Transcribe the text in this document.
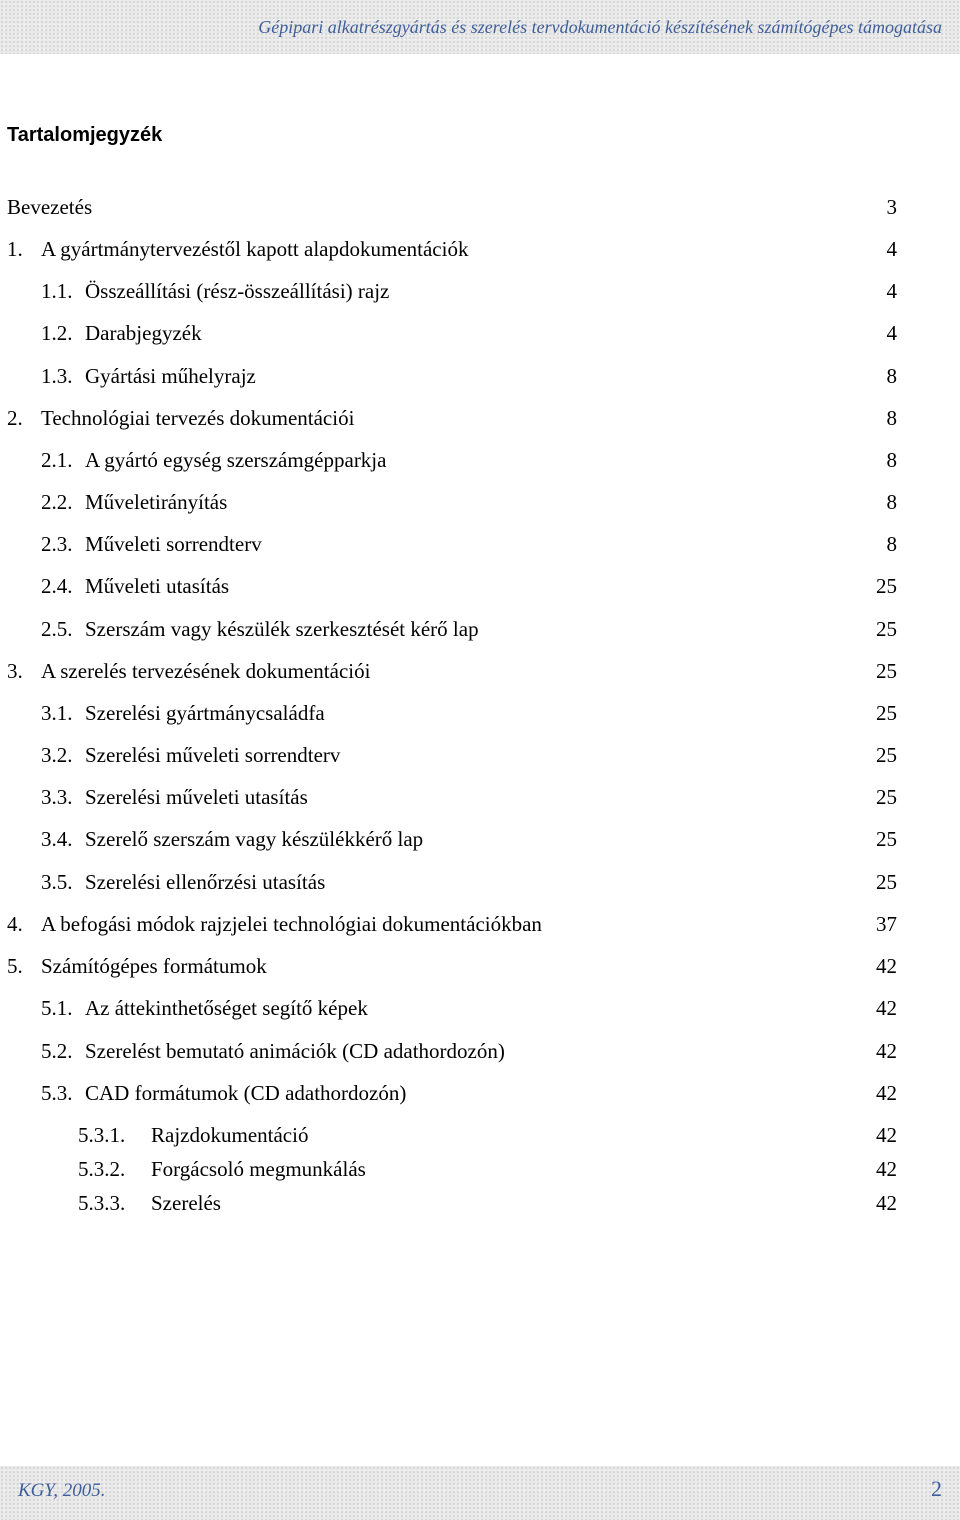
Gépipari alkatrészgyártás és szerelés tervdokumentáció készítésének számítógépes támogatása
Tartalomjegyzék
Bevezetés	3
1. A gyártmánytervezéstől kapott alapdokumentációk	4
1.1. Összeállítási (rész-összeállítási) rajz	4
1.2. Darabjegyzék	4
1.3. Gyártási műhelyrajz	8
2. Technológiai tervezés dokumentációi	8
2.1. A gyártó egység szerszámgépparkja	8
2.2. Műveletirányítás	8
2.3. Műveleti sorrendterv	8
2.4. Műveleti utasítás	25
2.5. Szerszám vagy készülék szerkesztését kérő lap	25
3. A szerelés tervezésének dokumentációi	25
3.1. Szerelési gyártmánycsaládfa	25
3.2. Szerelési műveleti sorrendterv	25
3.3. Szerelési műveleti utasítás	25
3.4. Szerelő szerszám vagy készülékkérő lap	25
3.5. Szerelési ellenőrzési utasítás	25
4. A befogási módok rajzjelei technológiai dokumentációkban	37
5. Számítógépes formátumok	42
5.1. Az áttekinthetőséget segítő képek	42
5.2. Szerelést bemutató animációk (CD adathordozón)	42
5.3. CAD formátumok (CD adathordozón)	42
5.3.1. Rajzdokumentáció	42
5.3.2. Forgácsoló megmunkálás	42
5.3.3. Szerelés	42
KGY, 2005.	2
